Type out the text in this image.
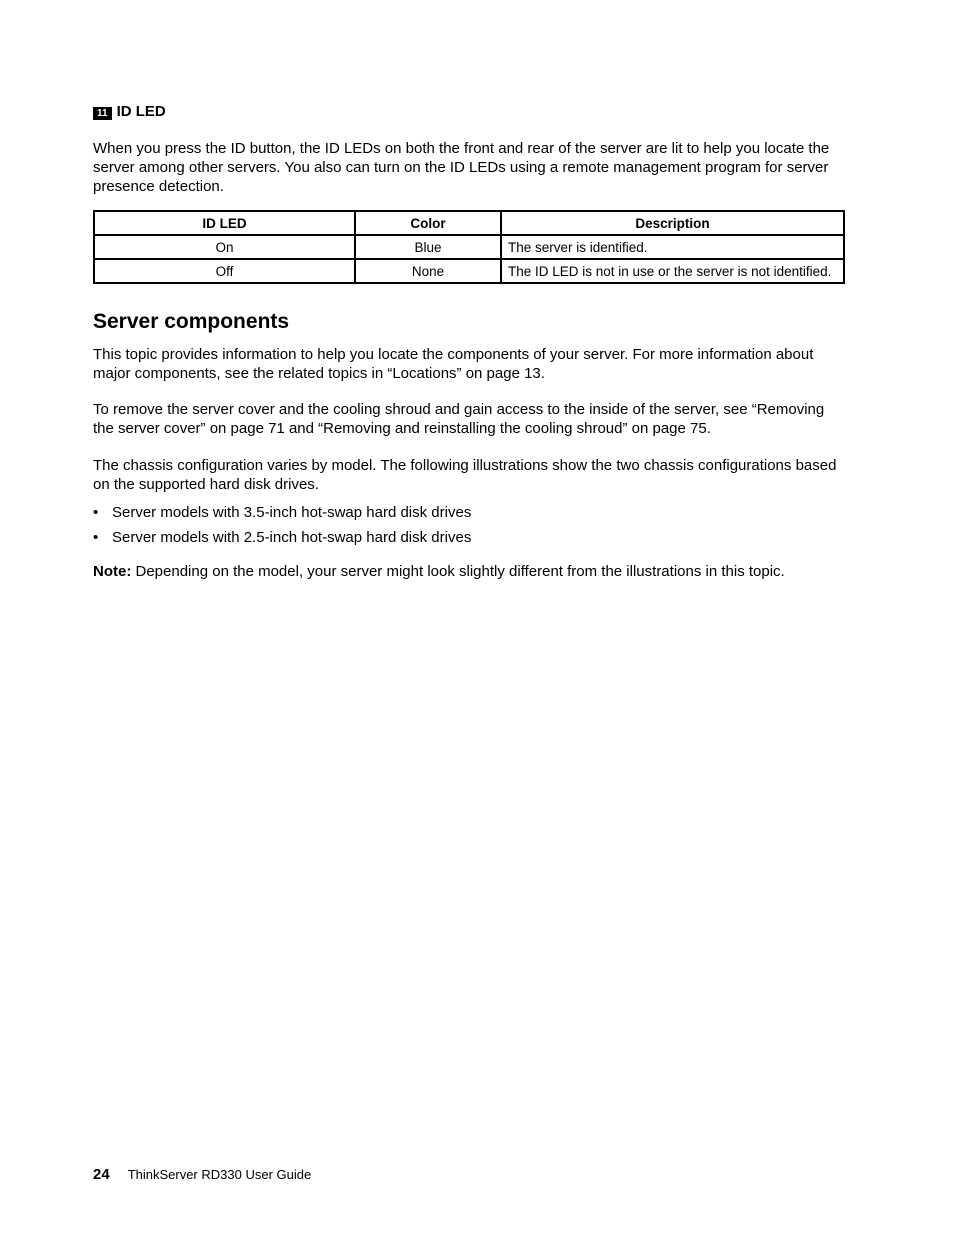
11 ID LED

When you press the ID button, the ID LEDs on both the front and rear of the server are lit to help you locate the server among other servers. You also can turn on the ID LEDs using a remote management program for server presence detection.

ID LED	Color	Description
On	Blue	The server is identified.
Off	None	The ID LED is not in use or the server is not identified.
Server components

This topic provides information to help you locate the components of your server. For more information about major components, see the related topics in “Locations” on page 13.

To remove the server cover and the cooling shroud and gain access to the inside of the server, see “Removing the server cover” on page 71 and “Removing and reinstalling the cooling shroud” on page 75.

The chassis configuration varies by model. The following illustrations show the two chassis configurations based on the supported hard disk drives.

• Server models with 3.5-inch hot-swap hard disk drives
• Server models with 2.5-inch hot-swap hard disk drives

Note: Depending on the model, your server might look slightly different from the illustrations in this topic.

24 ThinkServer RD330 User Guide
